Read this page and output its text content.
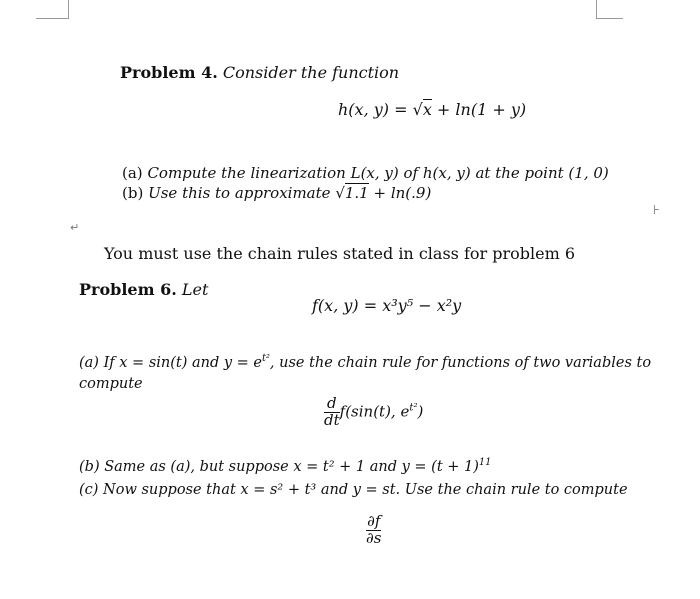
Problem 4. Consider the function
h(x, y) = √x + ln(1 + y)
(a) Compute the linearization L(x, y) of h(x, y) at the point (1, 0)
(b) Use this to approximate √1.1 + ln(.9)
↵
⊦
You must use the chain rules stated in class for problem 6
Problem 6. Let
f(x, y) = x³y⁵ − x²y
(a) If x = sin(t) and $y = e^{t^2}$, use the chain rule for functions of two variables to
compute
$\frac{d}{dt} f(\sin(t)$, $e^{t^2}$)
(b) Same as (a), but suppose x = t² + 1 and $y = (t + 1)^{11}$
(c) Now suppose that x = s² + t³ and y = st. Use the chain rule to compute
$\frac{\partial f}{\partial s}$
